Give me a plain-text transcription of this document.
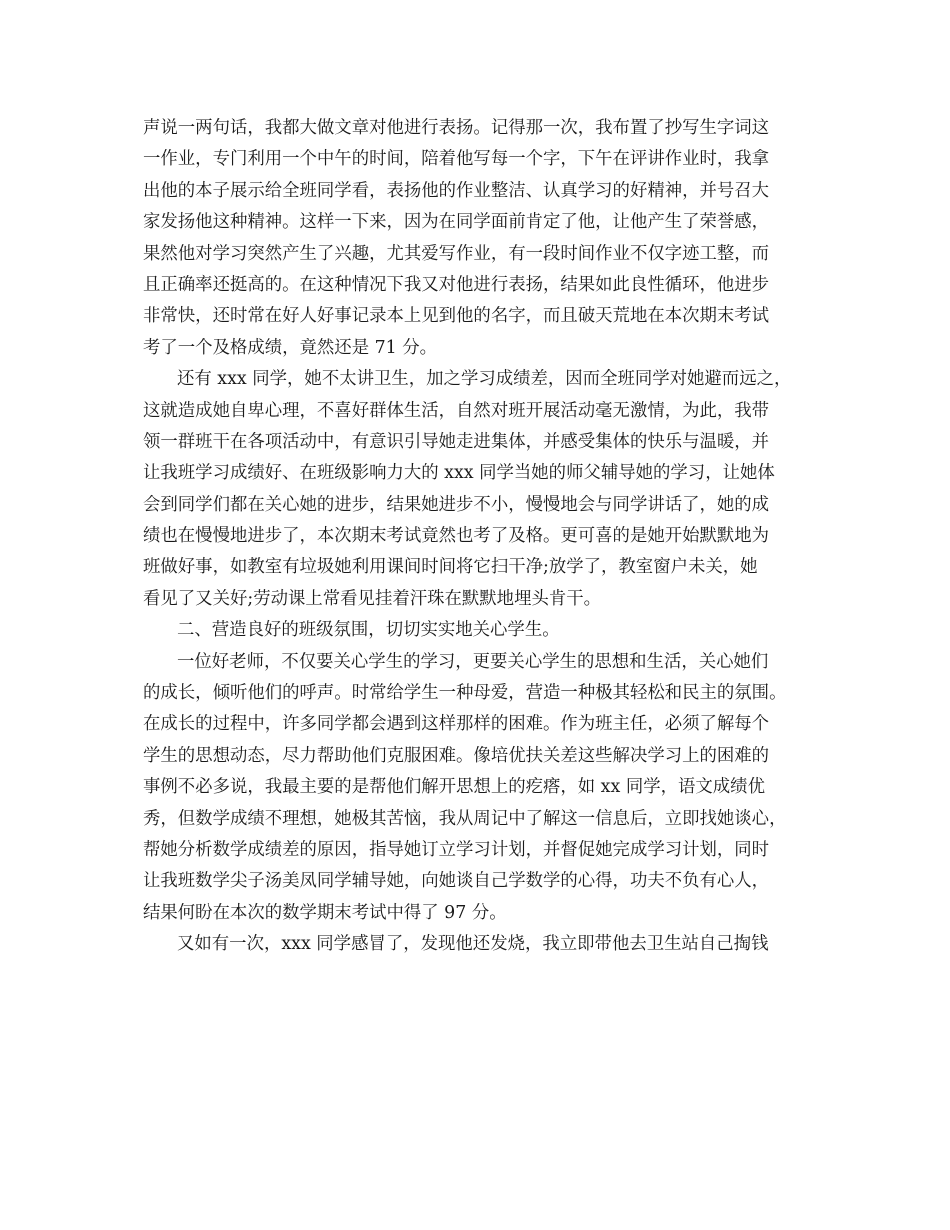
声说一两句话，我都大做文章对他进行表扬。记得那一次，我布置了抄写生字词这
一作业，专门利用一个中午的时间，陪着他写每一个字，下午在评讲作业时，我拿
出他的本子展示给全班同学看，表扬他的作业整洁、认真学习的好精神，并号召大
家发扬他这种精神。这样一下来，因为在同学面前肯定了他，让他产生了荣誉感，
果然他对学习突然产生了兴趣，尤其爱写作业，有一段时间作业不仅字迹工整，而
且正确率还挺高的。在这种情况下我又对他进行表扬，结果如此良性循环，他进步
非常快，还时常在好人好事记录本上见到他的名字，而且破天荒地在本次期末考试
考了一个及格成绩，竟然还是 71 分。
还有 xxx 同学，她不太讲卫生，加之学习成绩差，因而全班同学对她避而远之，
这就造成她自卑心理，不喜好群体生活，自然对班开展活动毫无激情，为此，我带
领一群班干在各项活动中，有意识引导她走进集体，并感受集体的快乐与温暖，并
让我班学习成绩好、在班级影响力大的 xxx 同学当她的师父辅导她的学习，让她体
会到同学们都在关心她的进步，结果她进步不小，慢慢地会与同学讲话了，她的成
绩也在慢慢地进步了，本次期末考试竟然也考了及格。更可喜的是她开始默默地为
班做好事，如教室有垃圾她利用课间时间将它扫干净;放学了，教室窗户未关，她
看见了又关好;劳动课上常看见挂着汗珠在默默地埋头肯干。
二、营造良好的班级氛围，切切实实地关心学生。
一位好老师，不仅要关心学生的学习，更要关心学生的思想和生活，关心她们
的成长，倾听他们的呼声。时常给学生一种母爱，营造一种极其轻松和民主的氛围。
在成长的过程中，许多同学都会遇到这样那样的困难。作为班主任，必须了解每个
学生的思想动态，尽力帮助他们克服困难。像培优扶关差这些解决学习上的困难的
事例不必多说，我最主要的是帮他们解开思想上的疙瘩，如 xx 同学，语文成绩优
秀，但数学成绩不理想，她极其苦恼，我从周记中了解这一信息后，立即找她谈心，
帮她分析数学成绩差的原因，指导她订立学习计划，并督促她完成学习计划，同时
让我班数学尖子汤美凤同学辅导她，向她谈自己学数学的心得，功夫不负有心人，
结果何盼在本次的数学期末考试中得了 97 分。
又如有一次，xxx 同学感冒了，发现他还发烧，我立即带他去卫生站自己掏钱
